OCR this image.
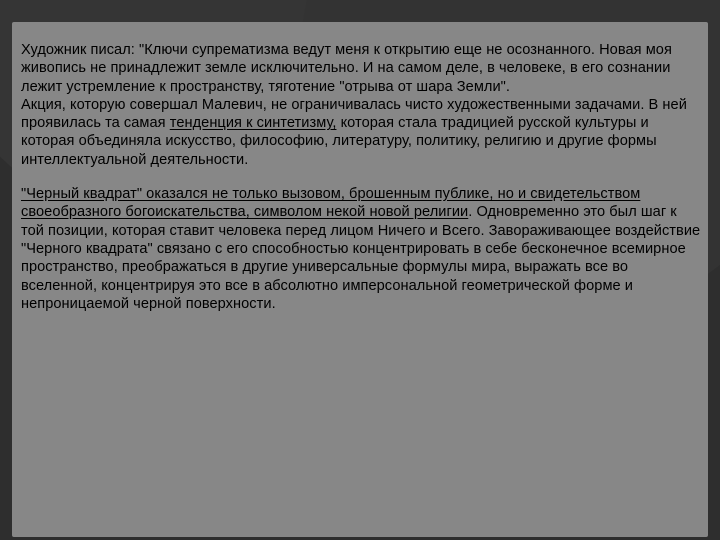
Художник писал: "Ключи супрематизма ведут меня к открытию еще не осознанного. Новая моя живопись не принадлежит земле исключительно. И на самом деле, в человеке, в его сознании лежит устремление к пространству, тяготение "отрыва от шара Земли".

Акция, которую совершал Малевич, не ограничивалась чисто художественными задачами. В ней проявилась та самая тенденция к синтетизму, которая стала традицией русской культуры и которая объединяла искусство, философию, литературу, политику, религию и другие формы интеллектуальной деятельности.

"Черный квадрат" оказался не только вызовом, брошенным публике, но и свидетельством своеобразного богоискательства, символом некой новой религии. Одновременно это был шаг к той позиции, которая ставит человека перед лицом Ничего и Всего. Завораживающее воздействие "Черного квадрата" связано с его способностью концентрировать в себе бесконечное всемирное пространство, преображаться в другие универсальные формулы мира, выражать все во вселенной, концентрируя это все в абсолютно имперсональной геометрической форме и непроницаемой черной поверхности.
